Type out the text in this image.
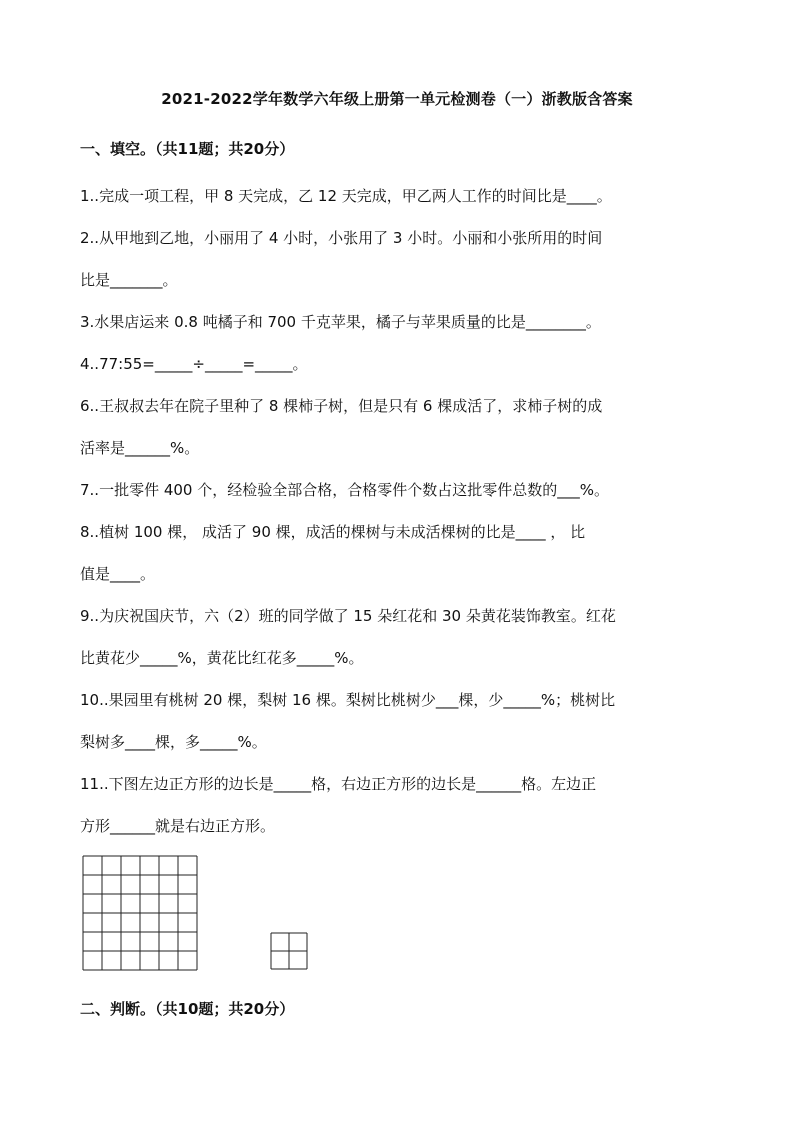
2021-2022学年数学六年级上册第一单元检测卷（一）浙教版含答案
一、填空。（共11题；共20分）
1..完成一项工程，甲 8 天完成，乙 12 天完成，甲乙两人工作的时间比是____。
2..从甲地到乙地，小丽用了 4 小时，小张用了 3 小时。小丽和小张所用的时间
比是_______。
3.水果店运来 0.8 吨橘子和 700 千克苹果，橘子与苹果质量的比是________。
4..77:55=_____÷_____=_____。
6..王叔叔去年在院子里种了 8 棵柿子树，但是只有 6 棵成活了，求柿子树的成
活率是______%。
7..一批零件 400 个，经检验全部合格，合格零件个数占这批零件总数的___%。
8..植树 100 棵， 成活了 90 棵，成活的棵树与未成活棵树的比是____ ， 比
值是____。
9..为庆祝国庆节，六（2）班的同学做了 15 朵红花和 30 朵黄花装饰教室。红花
比黄花少_____%，黄花比红花多_____%。
10..果园里有桃树 20 棵，梨树 16 棵。梨树比桃树少___棵，少_____%；桃树比
梨树多____棵，多_____%。
11..下图左边正方形的边长是_____格，右边正方形的边长是______格。左边正
方形______就是右边正方形。
二、判断。（共10题；共20分）
